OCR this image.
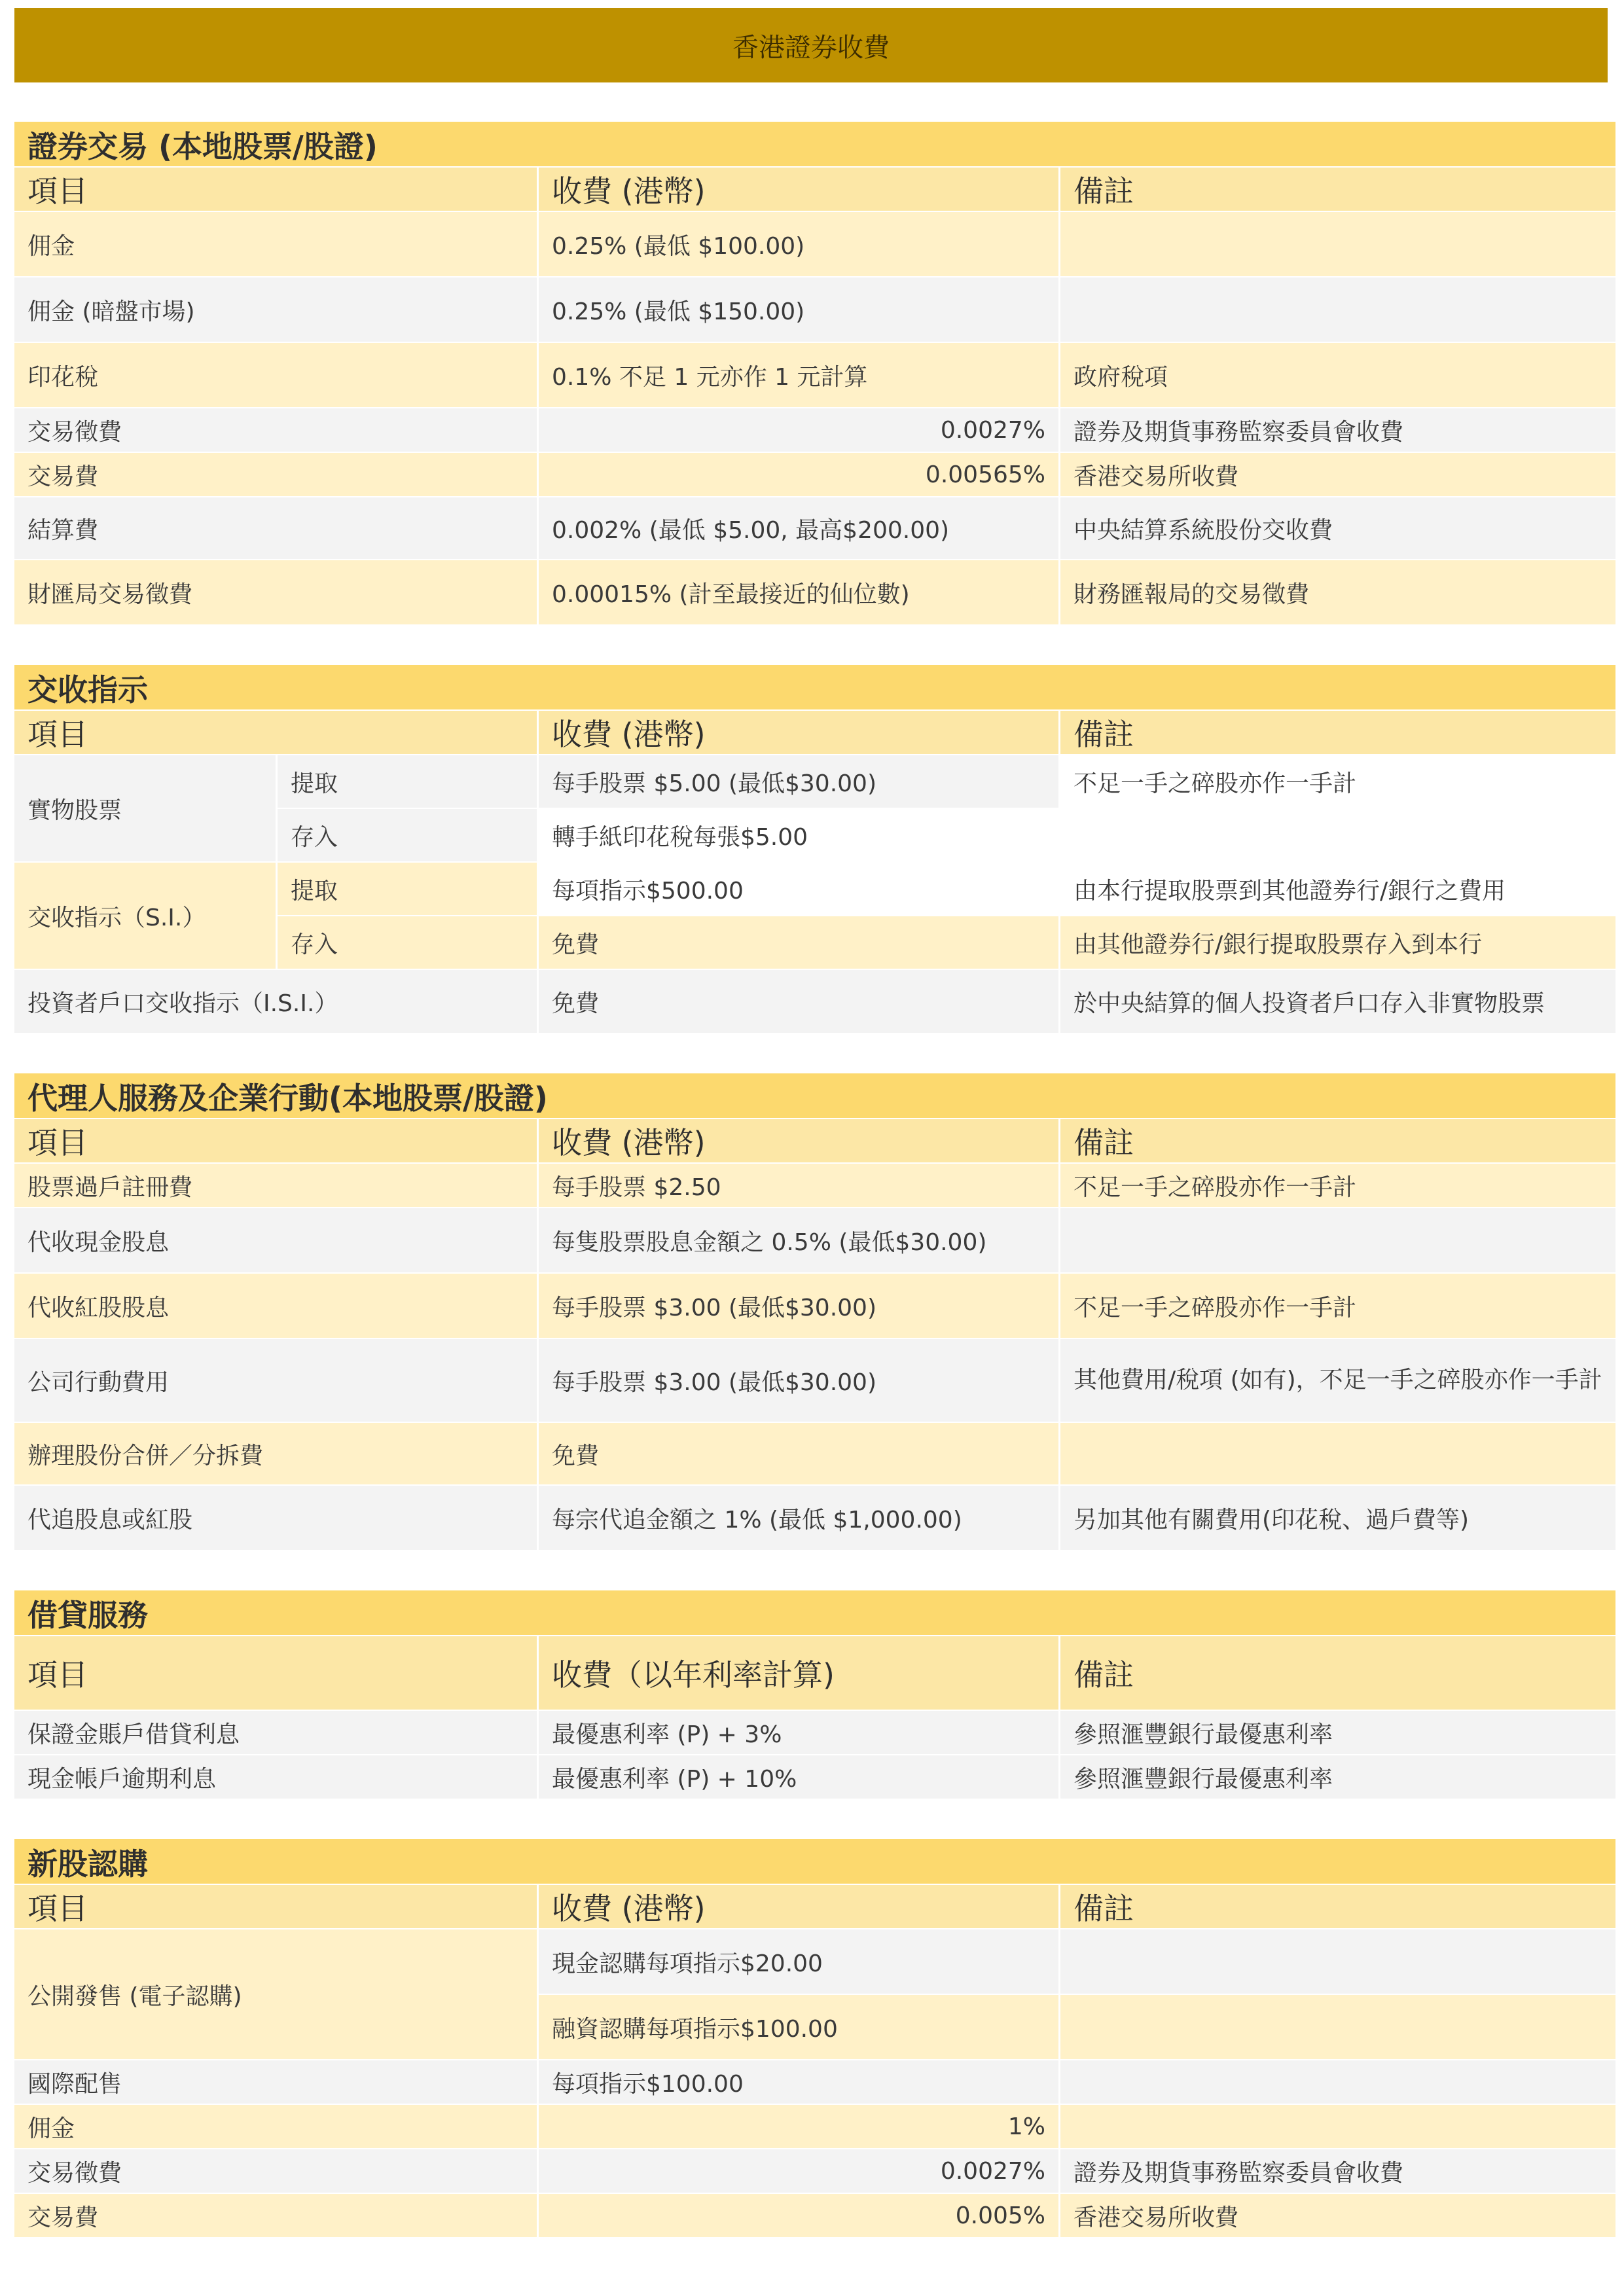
香港證券收費
證券交易 (本地股票/股證)		
項目	收費 (港幣)	備註
佣金	0.25% (最低 $100.00)	
佣金 (暗盤市場)	0.25% (最低 $150.00)	
印花稅	0.1% 不足 1 元亦作 1 元計算	政府稅項
交易徵費	0.0027%	證券及期貨事務監察委員會收費
交易費	0.00565%	香港交易所收費
結算費	0.002% (最低 $5.00, 最高$200.00)	中央結算系統股份交收費
財匯局交易徵費	0.00015% (計至最接近的仙位數)	財務匯報局的交易徵費
交收指示			
項目		收費 (港幣)	備註
實物股票	提取	每手股票 $5.00 (最低$30.00)	不足一手之碎股亦作一手計
	存入	轉手紙印花稅每張$5.00	
交收指示（S.I.）	提取	每項指示$500.00	由本行提取股票到其他證券行/銀行之費用
	存入	免費	由其他證券行/銀行提取股票存入到本行
投資者戶口交收指示（I.S.I.）		免費	於中央結算的個人投資者戶口存入非實物股票
代理人服務及企業行動(本地股票/股證)		
項目	收費 (港幣)	備註
股票過戶註冊費	每手股票 $2.50	不足一手之碎股亦作一手計
代收現金股息	每隻股票股息金額之 0.5% (最低$30.00)	
代收紅股股息	每手股票 $3.00 (最低$30.00)	不足一手之碎股亦作一手計
公司行動費用	每手股票 $3.00 (最低$30.00)	其他費用/稅項 (如有)，不足一手之碎股亦作一手計
辦理股份合併／分拆費	免費	
代追股息或紅股	每宗代追金額之 1% (最低 $1,000.00)	另加其他有關費用(印花稅、過戶費等)
借貸服務		
項目	收費（以年利率計算)	備註
保證金賬戶借貸利息	最優惠利率 (P) + 3%	參照滙豐銀行最優惠利率
現金帳戶逾期利息	最優惠利率 (P) + 10%	參照滙豐銀行最優惠利率
新股認購		
項目	收費 (港幣)	備註
公開發售 (電子認購)	現金認購每項指示$20.00	
	融資認購每項指示$100.00	
國際配售	每項指示$100.00	
佣金	1%	
交易徵費	0.0027%	證券及期貨事務監察委員會收費
交易費	0.005%	香港交易所收費
